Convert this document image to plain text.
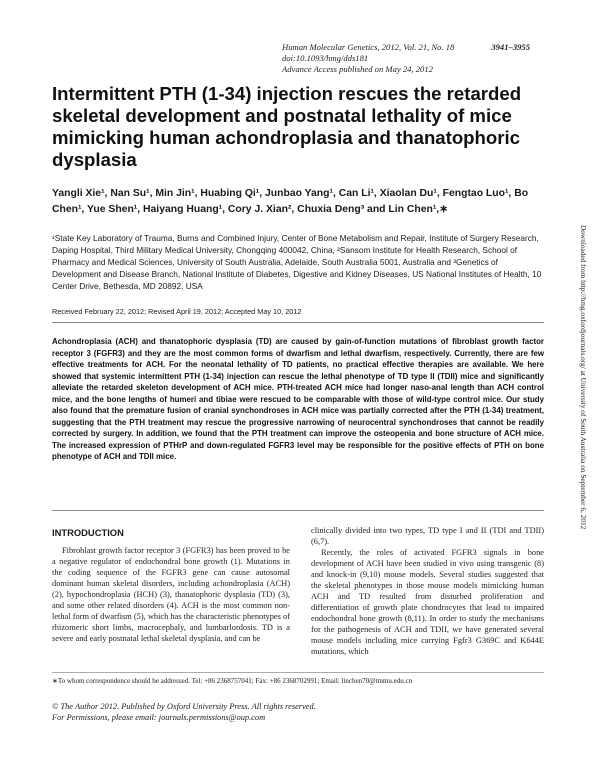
Human Molecular Genetics, 2012, Vol. 21, No. 18	3941–3955
doi:10.1093/hmg/dds181
Advance Access published on May 24, 2012
Intermittent PTH (1-34) injection rescues the retarded skeletal development and postnatal lethality of mice mimicking human achondroplasia and thanatophoric dysplasia
Yangli Xie¹, Nan Su¹, Min Jin¹, Huabing Qi¹, Junbao Yang¹, Can Li¹, Xiaolan Du¹, Fengtao Luo¹, Bo Chen¹, Yue Shen¹, Haiyang Huang¹, Cory J. Xian², Chuxia Deng³ and Lin Chen¹,∗
¹State Key Laboratory of Trauma, Burns and Combined Injury, Center of Bone Metabolism and Repair, Institute of Surgery Research, Daping Hospital, Third Military Medical University, Chongqing 400042, China, ²Sansom Institute for Health Research, School of Pharmacy and Medical Sciences, University of South Australia, Adelaide, South Australia 5001, Australia and ³Genetics of Development and Disease Branch, National Institute of Diabetes, Digestive and Kidney Diseases, US National Institutes of Health, 10 Center Drive, Bethesda, MD 20892, USA
Received February 22, 2012; Revised April 19, 2012; Accepted May 10, 2012
Achondroplasia (ACH) and thanatophoric dysplasia (TD) are caused by gain-of-function mutations of fibroblast growth factor receptor 3 (FGFR3) and they are the most common forms of dwarfism and lethal dwarfism, respectively. Currently, there are few effective treatments for ACH. For the neonatal lethality of TD patients, no practical effective therapies are available. We here showed that systemic intermittent PTH (1-34) injection can rescue the lethal phenotype of TD type II (TDII) mice and significantly alleviate the retarded skeleton development of ACH mice. PTH-treated ACH mice had longer naso-anal length than ACH control mice, and the bone lengths of humeri and tibiae were rescued to be comparable with those of wild-type control mice. Our study also found that the premature fusion of cranial synchondroses in ACH mice was partially corrected after the PTH (1-34) treatment, suggesting that the PTH treatment may rescue the progressive narrowing of neurocentral synchondroses that cannot be readily corrected by surgery. In addition, we found that the PTH treatment can improve the osteopenia and bone structure of ACH mice. The increased expression of PTHrP and down-regulated FGFR3 level may be responsible for the positive effects of PTH on bone phenotype of ACH and TDII mice.
INTRODUCTION
Fibroblast growth factor receptor 3 (FGFR3) has been proved to be a negative regulator of endochondral bone growth (1). Mutations in the coding sequence of the FGFR3 gene can cause autosomal dominant human skeletal disorders, including achondroplasia (ACH) (2), hypochondroplasia (HCH) (3), thanatophoric dysplasia (TD) (3), and some other related disorders (4). ACH is the most common non-lethal form of dwarfism (5), which has the characteristic phenotypes of rhizomeric short limbs, macrocephaly, and lumbarlordosis. TD is a severe and early postnatal lethal skeletal dysplasia, and can be

clinically divided into two types, TD type I and II (TDI and TDII) (6,7).

Recently, the roles of activated FGFR3 signals in bone development of ACH have been studied in vivo using transgenic (8) and knock-in (9,10) mouse models. Several studies suggested that the skeletal phenotypes in those mouse models mimicking human ACH and TD resulted from disturbed proliferation and differentiation of growth plate chondrocytes that lead to impaired endochondral bone growth (8,11). In order to study the mechanisms for the pathogenesis of ACH and TDII, we have generated several mouse models including mice carrying Fgfr3 G369C and K644E mutations, which

∗To whom correspondence should be addressed. Tel: +86 2368757041; Fax: +86 2368702991; Email: linchen70@tmmu.edu.cn
© The Author 2012. Published by Oxford University Press. All rights reserved.
For Permissions, please email: journals.permissions@oup.com
Downloaded from http://hmg.oxfordjournals.org/ at University of South Australia on September 6, 2012
